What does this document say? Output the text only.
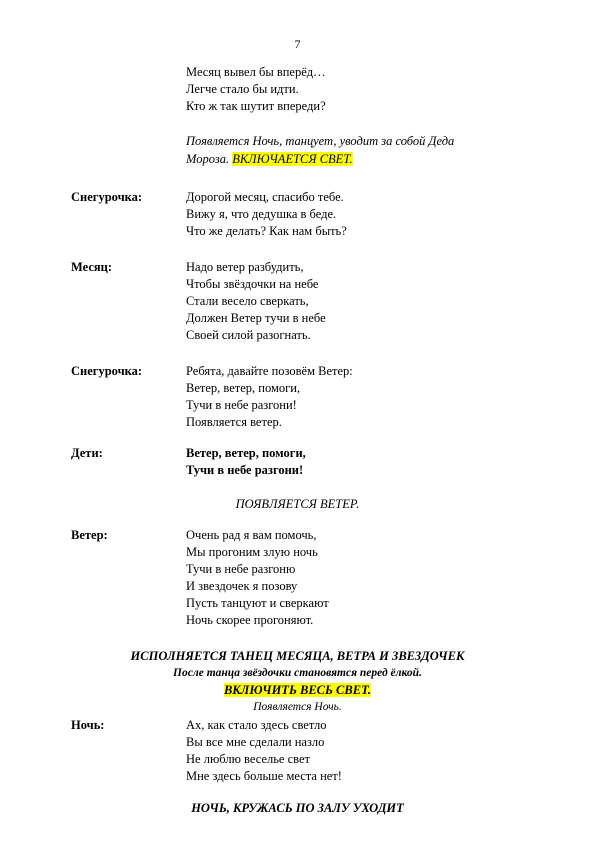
7
Месяц вывел бы вперёд…
Легче стало бы идти.
Кто ж так шутит впереди?
Появляется Ночь, танцует, уводит за собой Деда
Мороза. ВКЛЮЧАЕТСЯ СВЕТ.
Снегурочка:	Дорогой месяц, спасибо тебе.
Вижу я, что дедушка в беде.
Что же делать? Как нам быть?
Месяц:	Надо ветер разбудить,
Чтобы звёздочки на небе
Стали весело сверкать,
Должен Ветер тучи в небе
Своей силой разогнать.
Снегурочка:	Ребята, давайте позовём Ветер:
Ветер, ветер, помоги,
Тучи в небе разгони!
Появляется ветер.
Дети:	Ветер, ветер, помоги,
Тучи в небе разгони!
ПОЯВЛЯЕТСЯ ВЕТЕР.
Ветер:	Очень рад я вам помочь,
Мы прогоним злую ночь
Тучи в небе разгоню
И звездочек я позову
Пусть танцуют и сверкают
Ночь скорее прогоняют.
ИСПОЛНЯЕТСЯ ТАНЕЦ МЕСЯЦА, ВЕТРА И ЗВЕЗДОЧЕК
После танца звёздочки становятся перед ёлкой.
ВКЛЮЧИТЬ ВЕСЬ СВЕТ.
Появляется Ночь.
Ночь:	Ах, как стало здесь светло
Вы все мне сделали назло
Не люблю веселье свет
Мне здесь больше места нет!
НОЧЬ, КРУЖАСЬ ПО ЗАЛУ УХОДИТ
